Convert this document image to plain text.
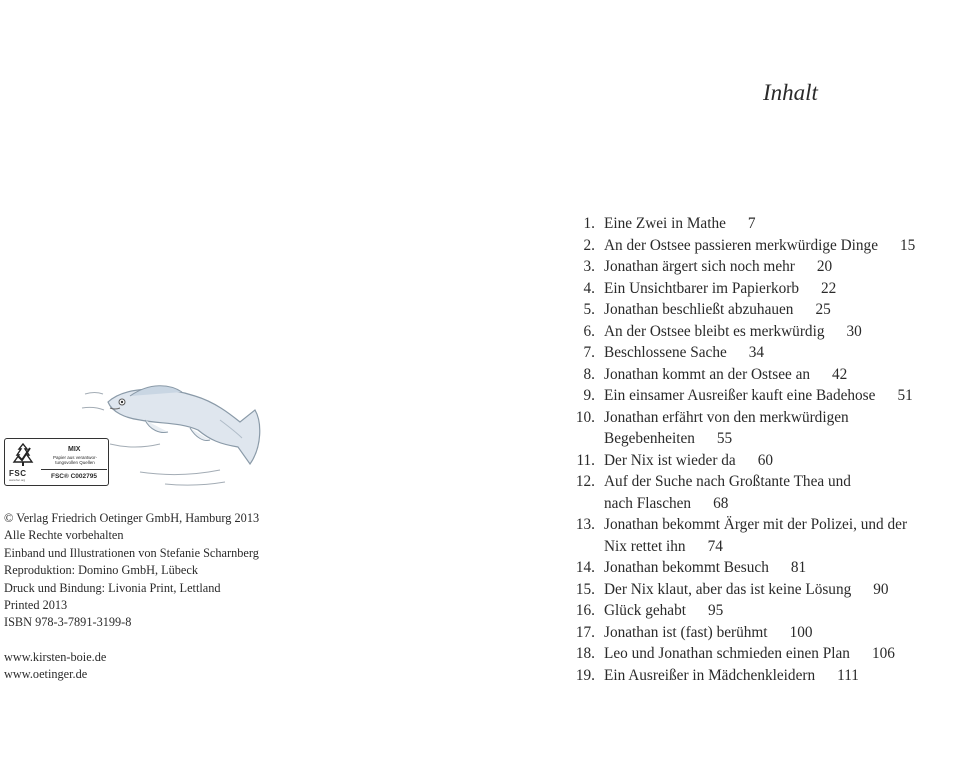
FSC
www.fsc.org
MIX
Papier aus verantwor-
tungsvollen Quellen
FSC® C002795
© Verlag Friedrich Oetinger GmbH, Hamburg 2013
Alle Rechte vorbehalten
Einband und Illustrationen von Stefanie Scharnberg
Reproduktion: Domino GmbH, Lübeck
Druck und Bindung: Livonia Print, Lettland
Printed 2013
ISBN 978-3-7891-3199-8
www.kirsten-boie.de
www.oetinger.de
Inhalt
1. Eine Zwei in Mathe 7
2. An der Ostsee passieren merkwürdige Dinge 15
3. Jonathan ärgert sich noch mehr 20
4. Ein Unsichtbarer im Papierkorb 22
5. Jonathan beschließt abzuhauen 25
6. An der Ostsee bleibt es merkwürdig 30
7. Beschlossene Sache 34
8. Jonathan kommt an der Ostsee an 42
9. Ein einsamer Ausreißer kauft eine Badehose 51
10. Jonathan erfährt von den merkwürdigen
Begebenheiten 55
11. Der Nix ist wieder da 60
12. Auf der Suche nach Großtante Thea und
nach Flaschen 68
13. Jonathan bekommt Ärger mit der Polizei, und der
Nix rettet ihn 74
14. Jonathan bekommt Besuch 81
15. Der Nix klaut, aber das ist keine Lösung 90
16. Glück gehabt 95
17. Jonathan ist (fast) berühmt 100
18. Leo und Jonathan schmieden einen Plan 106
19. Ein Ausreißer in Mädchenkleidern 111
